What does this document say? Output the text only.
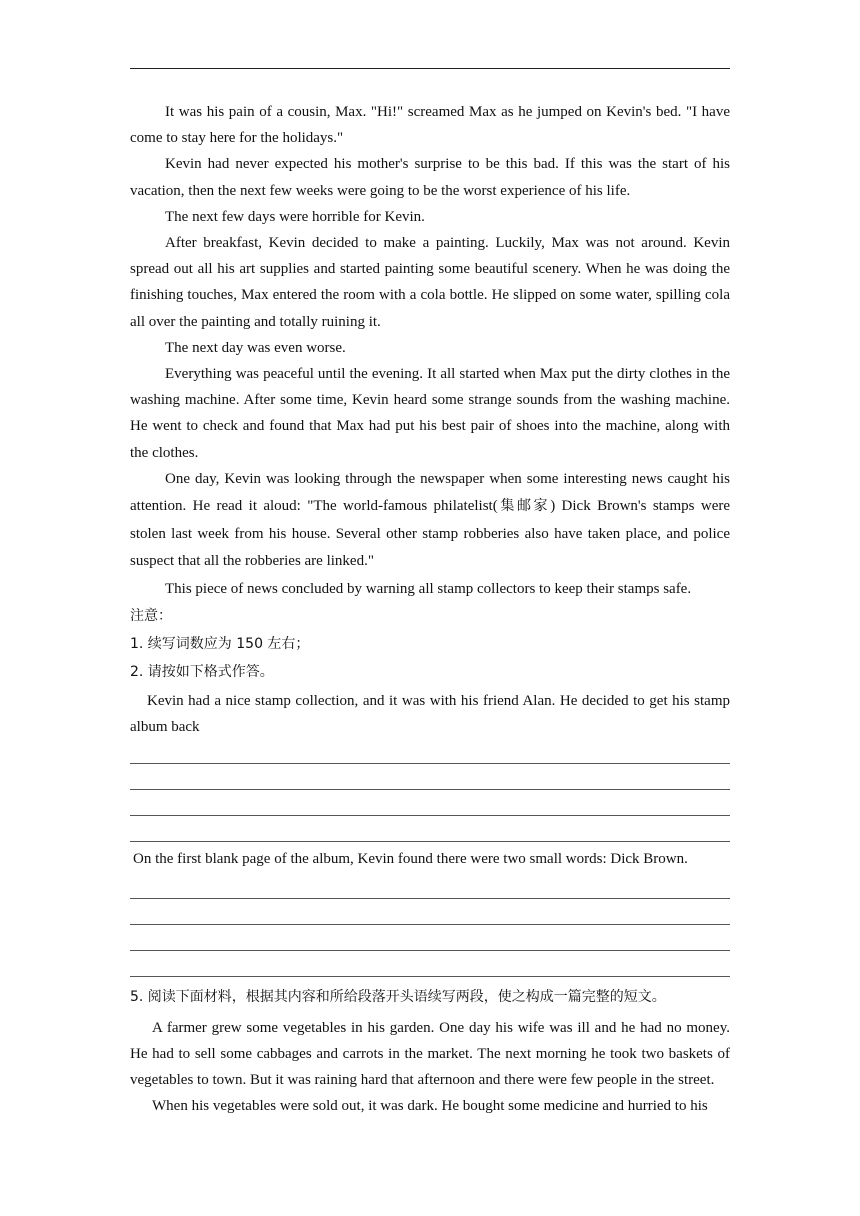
It was his pain of a cousin, Max. "Hi!" screamed Max as he jumped on Kevin's bed. "I have come to stay here for the holidays."

Kevin had never expected his mother's surprise to be this bad. If this was the start of his vacation, then the next few weeks were going to be the worst experience of his life.

The next few days were horrible for Kevin.

After breakfast, Kevin decided to make a painting. Luckily, Max was not around. Kevin spread out all his art supplies and started painting some beautiful scenery. When he was doing the finishing touches, Max entered the room with a cola bottle. He slipped on some water, spilling cola all over the painting and totally ruining it.

The next day was even worse.

Everything was peaceful until the evening. It all started when Max put the dirty clothes in the washing machine. After some time, Kevin heard some strange sounds from the washing machine. He went to check and found that Max had put his best pair of shoes into the machine, along with the clothes.

One day, Kevin was looking through the newspaper when some interesting news caught his attention. He read it aloud: "The world-famous philatelist(集邮家) Dick Brown's stamps were stolen last week from his house. Several other stamp robberies also have taken place, and police suspect that all the robberies are linked."

This piece of news concluded by warning all stamp collectors to keep their stamps safe.

注意：

1. 续写词数应为 150 左右；

2. 请按如下格式作答。

Kevin had a nice stamp collection, and it was with his friend Alan. He decided to get his stamp album back

On the first blank page of the album, Kevin found there were two small words: Dick Brown.

5. 阅读下面材料，根据其内容和所给段落开头语续写两段，使之构成一篇完整的短文。

A farmer grew some vegetables in his garden. One day his wife was ill and he had no money. He had to sell some cabbages and carrots in the market. The next morning he took two baskets of vegetables to town. But it was raining hard that afternoon and there were few people in the street.

When his vegetables were sold out, it was dark. He bought some medicine and hurried to his
